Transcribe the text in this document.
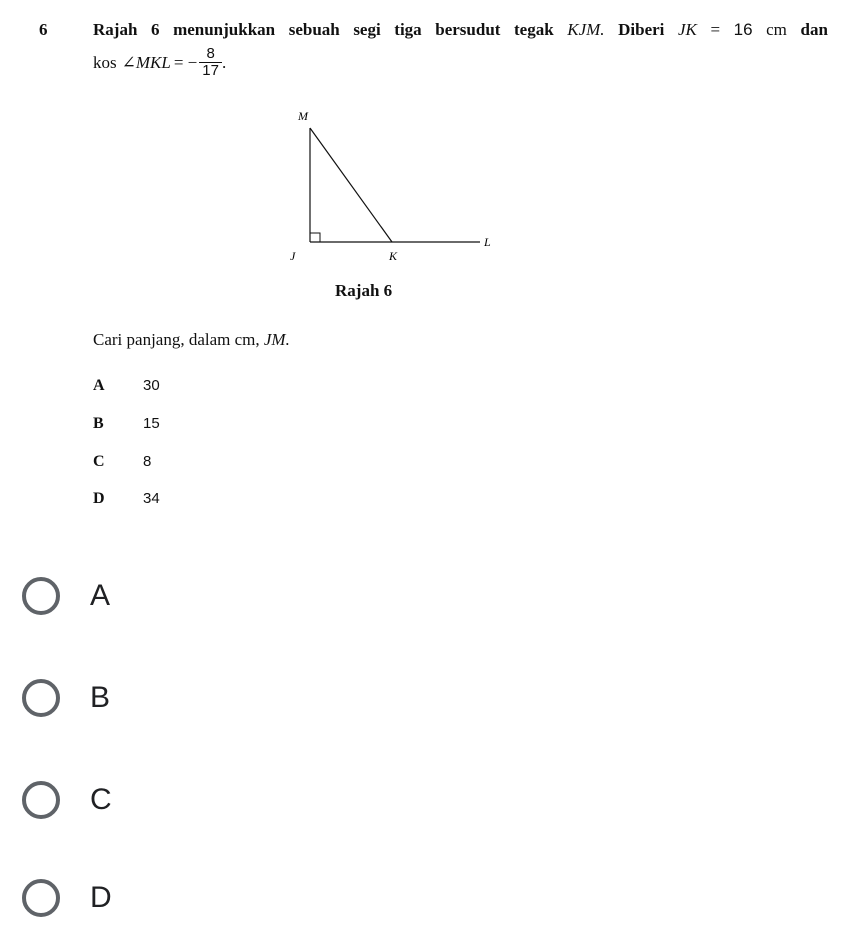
6	Rajah 6 menunjukkan sebuah segi tiga bersudut tegak KJM. Diberi JK = 16 cm dan
kos ∠MKL = − $\frac{8}{17}$ .
M
J	K
L
Rajah 6
Cari panjang, dalam cm, JM.
A	30
B	15
C	8
D	34
A
B
C
D
